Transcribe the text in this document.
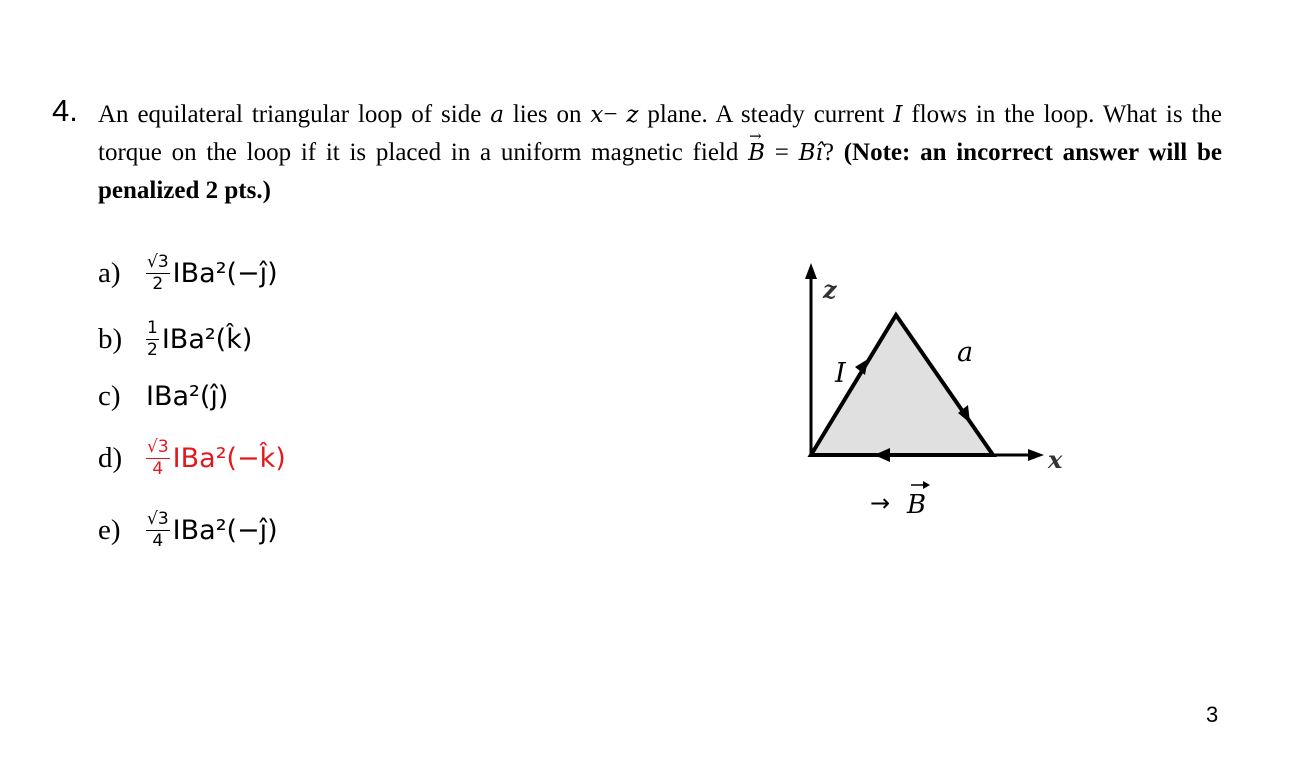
4. An equilateral triangular loop of side a lies on x− z plane. A steady current I flows in the loop. What is the torque on the loop if it is placed in a uniform magnetic field → B = Bı̂? (Note: an incorrect answer will be penalized 2 pts.)
a)	$\frac{√3}{2}$ IBa²(−ĵ)
b)	$\frac{1}{2}$ IBa²(k̂)
c) IBa²(ĵ)
d)	$\frac{√3}{4}$ IBa²(−k̂)
e)	$\frac{√3}{4}$ IBa²(−ĵ)
z
x
a
I
→ B
3
